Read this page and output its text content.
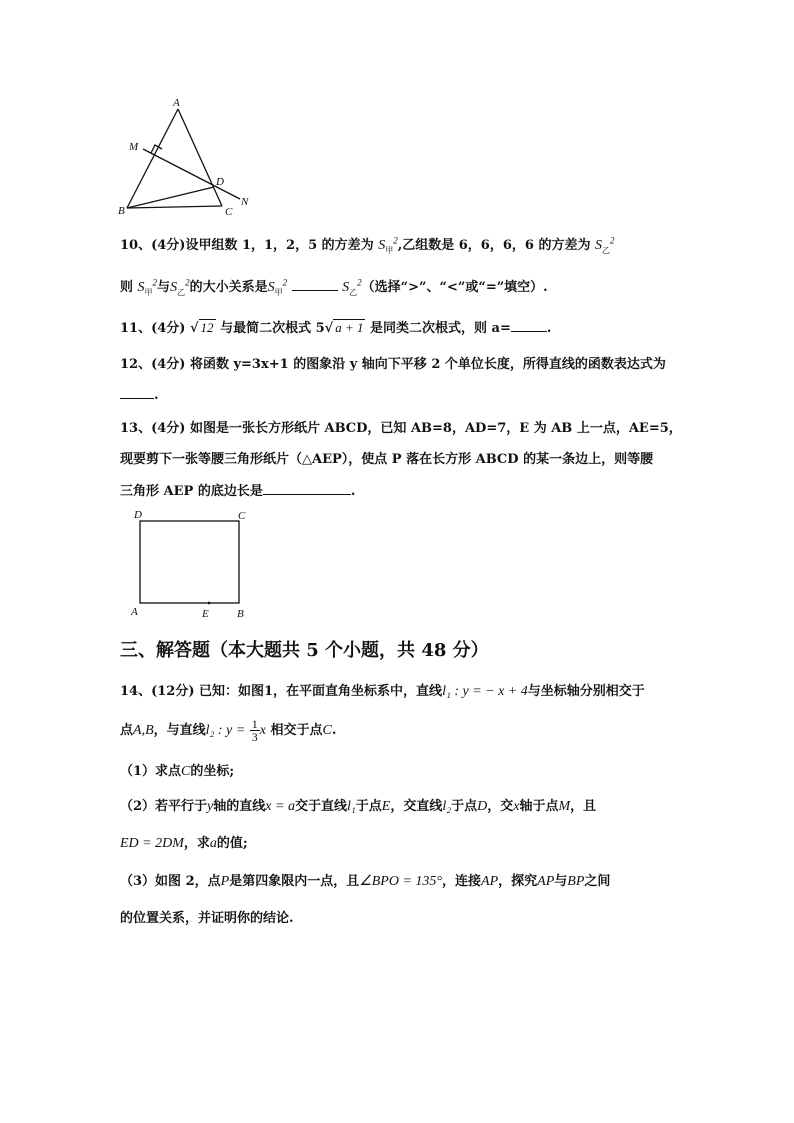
A
M
D
N
B	C
10、(4分)设甲组数 1，1，2，5 的方差为 $S_甲^2$,乙组数是 6，6，6，6 的方差为 $S_乙^2$
则 $S_甲^2$与$S_乙^2$的大小关系是$S_甲^2$	$S_乙^2$（选择“>”、“<”或“=”填空）.
11、(4分) √ 12 与最简二次根式 5√ a + 1 是同类二次根式，则 a=	.
12、(4分) 将函数 y=3x+1 的图象沿 y 轴向下平移 2 个单位长度，所得直线的函数表达式为
.
13、(4分) 如图是一张长方形纸片 ABCD，已知 AB=8，AD=7，E 为 AB 上一点，AE=5，
现要剪下一张等腰三角形纸片（△AEP），使点 P 落在长方形 ABCD 的某一条边上，则等腰
三角形 AEP 的底边长是	.
D	C
A	E	B
三、解答题（本大题共 5 个小题，共 48 分）
14、(12分) 已知：如图1，在平面直角坐标系中，直线l₁ : y = − x + 4与坐标轴分别相交于
点A,B，与直线l₂ : $y = \frac{1}{3}$ x 相交于点C.
（1）求点C的坐标;
（2）若平行于y轴的直线x = a交于直线l₁于点E，交直线l₂于点D，交x轴于点M，且
ED = 2DM，求a的值;
（3）如图 2，点P是第四象限内一点，且∠BPO = 135°，连接AP，探究AP与BP之间
的位置关系，并证明你的结论.
